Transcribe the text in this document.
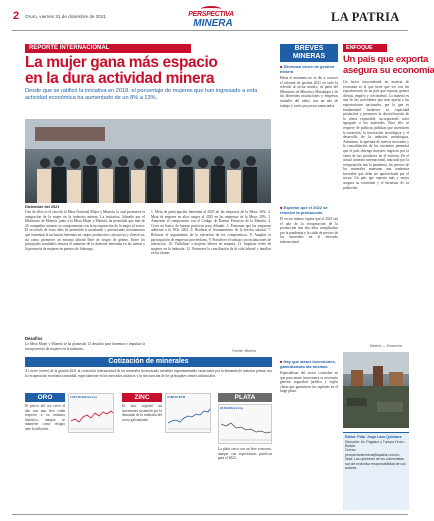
2 Oruro, viernes 31 de diciembre de 2021	PERSPECTIVA
MINERA	LA PATRIA
REPORTE INTERNACIONAL
La mujer gana más espacio
en la dura actividad minera
Desde que se ratificó la iniciativa en 2018, el porcentaje de mujeres que han ingresado a esta actividad económica ha aumentado de un 8% a 13%.
Diciembre del 2021
Uno de ellos es el caso de la Mesa Nacional Mujer y Minería, la cual promueve la integración de la mujer en la industria minera. La iniciativa, liderada por el Ministerio de Minería, junto a la Mesa Mujer y Minería, ha permitido que más de 45 compañías mineras se comprometan con la incorporación de la mujer al sector. El recorrido de estos años ha permitido ir instalando y potenciando instrumentos que fomentan la inclusión femenina en cargos productivos, ejecutivos y directivos, así como promover un entorno laboral libre de sesgos de género. Entre los principales resultados destaca el aumento de la dotación femenina en las faenas y la presencia de mujeres en puestos de liderazgo.
Desafíos
La Mesa Mujer y Minería se ha planteado 12 desafíos para fomentar e impulsar la incorporación de mujeres en la industria.
1. Meta de participación femenina al 2025 en las empresas de la Mesa: 20%. 2. Meta de mujeres en altos cargos al 2025 en las empresas de la Mesa: 20%. 3. Aumentar el compromiso con el Código de Buenas Prácticas de la Minería. 4. Crear un banco de buenas prácticas para difundir. 5. Fomentar que las empresas adhieran a la NCh 3262. 6. Realizar el levantamiento de la brecha salarial. 7. Reforzar el seguimiento de la ejecución de los compromisos. 8. Ampliar la participación de empresas proveedoras. 9. Fortalecer el trabajo con instituciones de educación. 10. Visibilizar a mujeres líderes en minería. 11. Impulsar redes de mujeres en la industria. 12. Promover la conciliación de la vida laboral y familiar en las faenas.
Fuente: Minería
BREVES
MINERAS
■ Silencian cierre de gestión minera
Hasta el momento no se dio a conocer el informe de gestión 2021 en todo lo referido al sector minero, de parte del Ministerio de Minería y Metalurgia y de las diferentes instituciones y empresas estatales del rubro, tras un año de trabajo y varios proyectos anunciados.
■ Esperan que el 2022 se reactive la producción
El sector minero espera que el 2022 sea el año de la recuperación de la producción tras dos años complicados por la pandemia y la caída de precios de los minerales en el mercado internacional.
■ Hay que atraer inversiones, garantizando las mismas
Especialistas del sector coinciden en que para atraer inversiones es necesario generar seguridad jurídica y reglas claras que garanticen los capitales en el largo plazo.
ENFOQUE
Un país que exporta
asegura su economía
Un factor trascendental en materia de economía es el que tiene que ver con las exportaciones de un país que exporta, genera divisas, empleo y crecimiento. La minería es una de las actividades que más aporta a las exportaciones nacionales, por lo que es fundamental fortalecer su capacidad productiva y promover la diversificación de la oferta exportable, incorporando valor agregado a los minerales. Para ello se requiere de políticas públicas que incentiven la inversión, la innovación tecnológica y el desarrollo de la industria metalúrgica. Asimismo, la apertura de nuevos mercados y la consolidación de los existentes permitirá que el país obtenga mayores ingresos por la venta de sus productos en el exterior. En el actual contexto internacional, marcado por la recuperación tras la pandemia, los precios de los minerales muestran una tendencia favorable que debe ser aprovechada por el sector. Un país que exporta más y mejor asegura su economía y el bienestar de su población.
Minería — Economía
Editor: Pdta. Jorge Lazo Quintana
Dirección: Av. Pagador y Tunupa Oruro - Bolivia
Correo: perspectivaminera@lapatria.com.bo
Nota: Las opiniones de los columnistas son de exclusiva responsabilidad de sus autores.
Cotización de minerales
Al cierre (cierre) de la gestión 2021 la cotización internacional de los minerales ha mostrado variables experimentando variaciones por la demanda de materias primas tras la recuperación económica mundial, especialmente en los mercados asiáticos y la reactivación de los principales centros industriales.
ORO
El precio del oro cerró el año con una leve caída respecto a su máximo histórico, aunque se mantiene como refugio ante la inflación.
1.807,90 $/Onza troy	ZINC
El zinc registró un incremento sostenido por la demanda de la industria del acero galvanizado.
3.588,00 $/TM	PLATA
23,09 $/Onza troy
La plata cerró con un leve retroceso, aunque con expectativas positivas para el 2022.
